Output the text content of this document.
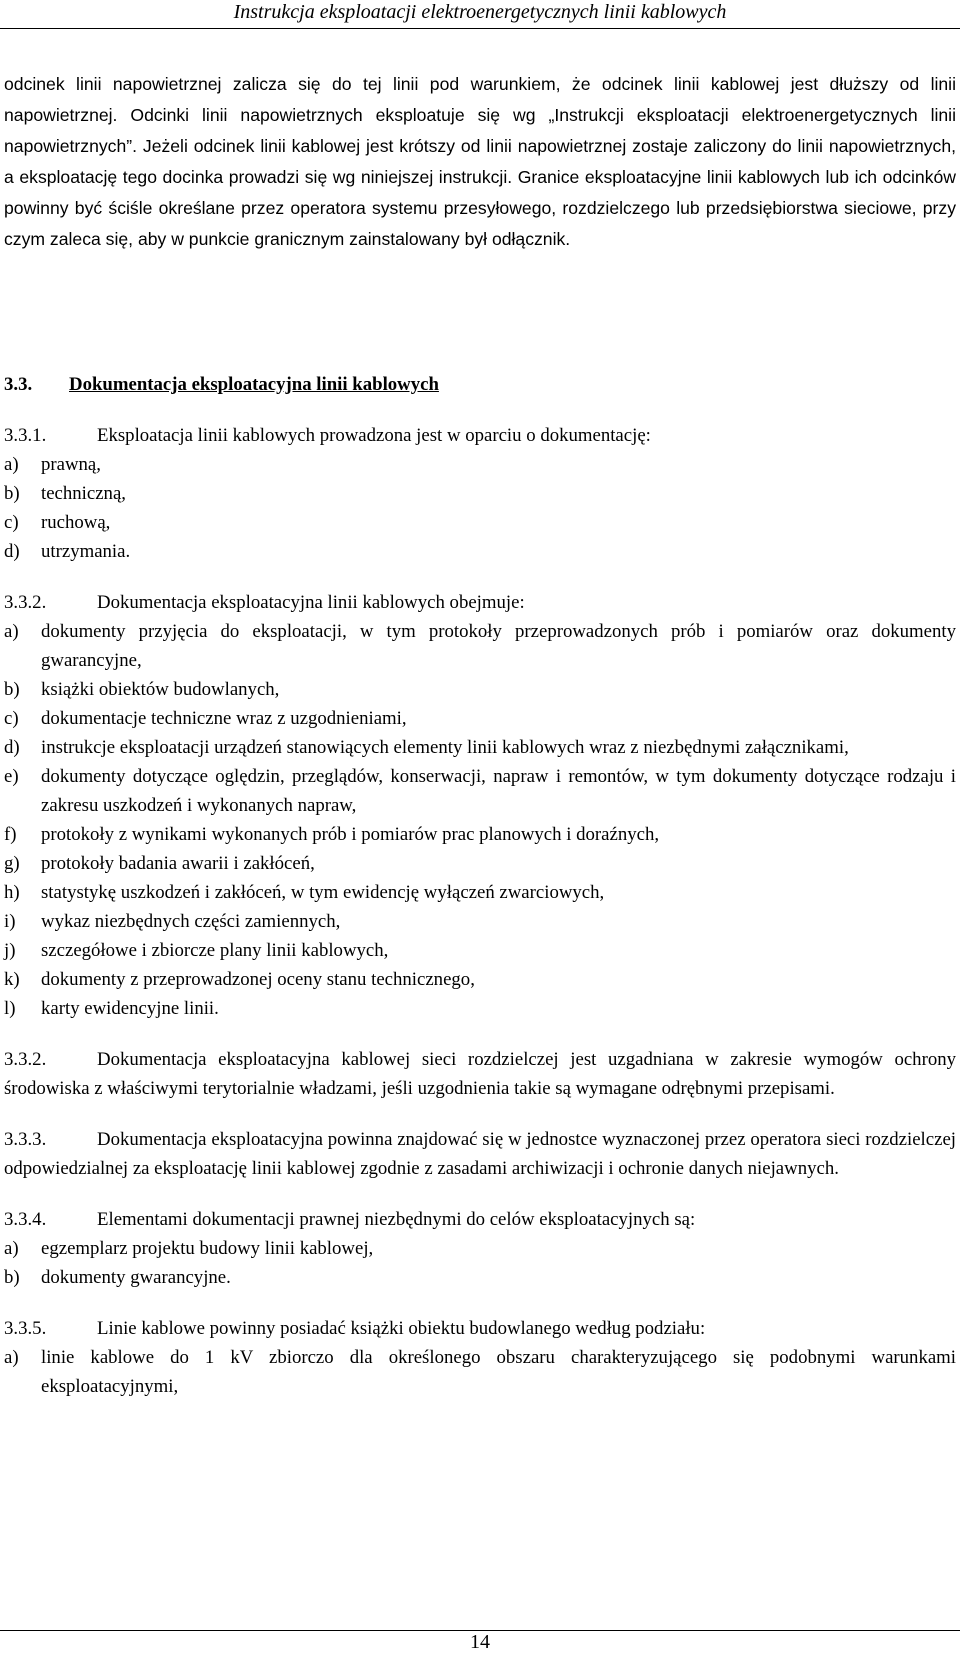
Instrukcja eksploatacji elektroenergetycznych linii kablowych

odcinek linii napowietrznej zalicza się do tej linii pod warunkiem, że odcinek linii kablowej jest dłuższy od linii napowietrznej. Odcinki linii napowietrznych eksploatuje się wg „Instrukcji eksploatacji elektroenergetycznych linii napowietrznych”. Jeżeli odcinek linii kablowej jest krótszy od linii napowietrznej zostaje zaliczony do linii napowietrznych, a eksploatację tego docinka prowadzi się wg niniejszej instrukcji. Granice eksploatacyjne linii kablowych lub ich odcinków powinny być ściśle określane przez operatora systemu przesyłowego, rozdzielczego lub przedsiębiorstwa sieciowe, przy czym zaleca się, aby w punkcie granicznym zainstalowany był odłącznik.

3.3. Dokumentacja eksploatacyjna linii kablowych

3.3.1.	Eksploatacja linii kablowych prowadzona jest w oparciu o dokumentację:

a) prawną,
b) techniczną,
c) ruchową,
d) utrzymania.

3.3.2.	Dokumentacja eksploatacyjna linii kablowych obejmuje:

a) dokumenty przyjęcia do eksploatacji, w tym protokoły przeprowadzonych prób i pomiarów oraz dokumenty gwarancyjne,
b) książki obiektów budowlanych,
c) dokumentacje techniczne wraz z uzgodnieniami,
d) instrukcje eksploatacji urządzeń stanowiących elementy linii kablowych wraz z niezbędnymi załącznikami,
e) dokumenty dotyczące oględzin, przeglądów, konserwacji, napraw i remontów, w tym dokumenty dotyczące rodzaju i zakresu uszkodzeń i wykonanych napraw,
f) protokoły z wynikami wykonanych prób i pomiarów prac planowych i doraźnych,
g) protokoły badania awarii i zakłóceń,
h) statystykę uszkodzeń i zakłóceń, w tym ewidencję wyłączeń zwarciowych,
i) wykaz niezbędnych części zamiennych,
j) szczegółowe i zbiorcze plany linii kablowych,
k) dokumenty z przeprowadzonej oceny stanu technicznego,
l) karty ewidencyjne linii.

3.3.2.	Dokumentacja eksploatacyjna kablowej sieci rozdzielczej jest uzgadniana w zakresie wymogów ochrony środowiska z właściwymi terytorialnie władzami, jeśli uzgodnienia takie są wymagane odrębnymi przepisami.

3.3.3.	Dokumentacja eksploatacyjna powinna znajdować się w jednostce wyznaczonej przez operatora sieci rozdzielczej odpowiedzialnej za eksploatację linii kablowej zgodnie z zasadami archiwizacji i ochronie danych niejawnych.

3.3.4.	Elementami dokumentacji prawnej niezbędnymi do celów eksploatacyjnych są:

a) egzemplarz projektu budowy linii kablowej,
b) dokumenty gwarancyjne.

3.3.5.	Linie kablowe powinny posiadać książki obiektu budowlanego według podziału:

a) linie kablowe do 1 kV zbiorczo dla określonego obszaru charakteryzującego się podobnymi warunkami eksploatacyjnymi,
14
